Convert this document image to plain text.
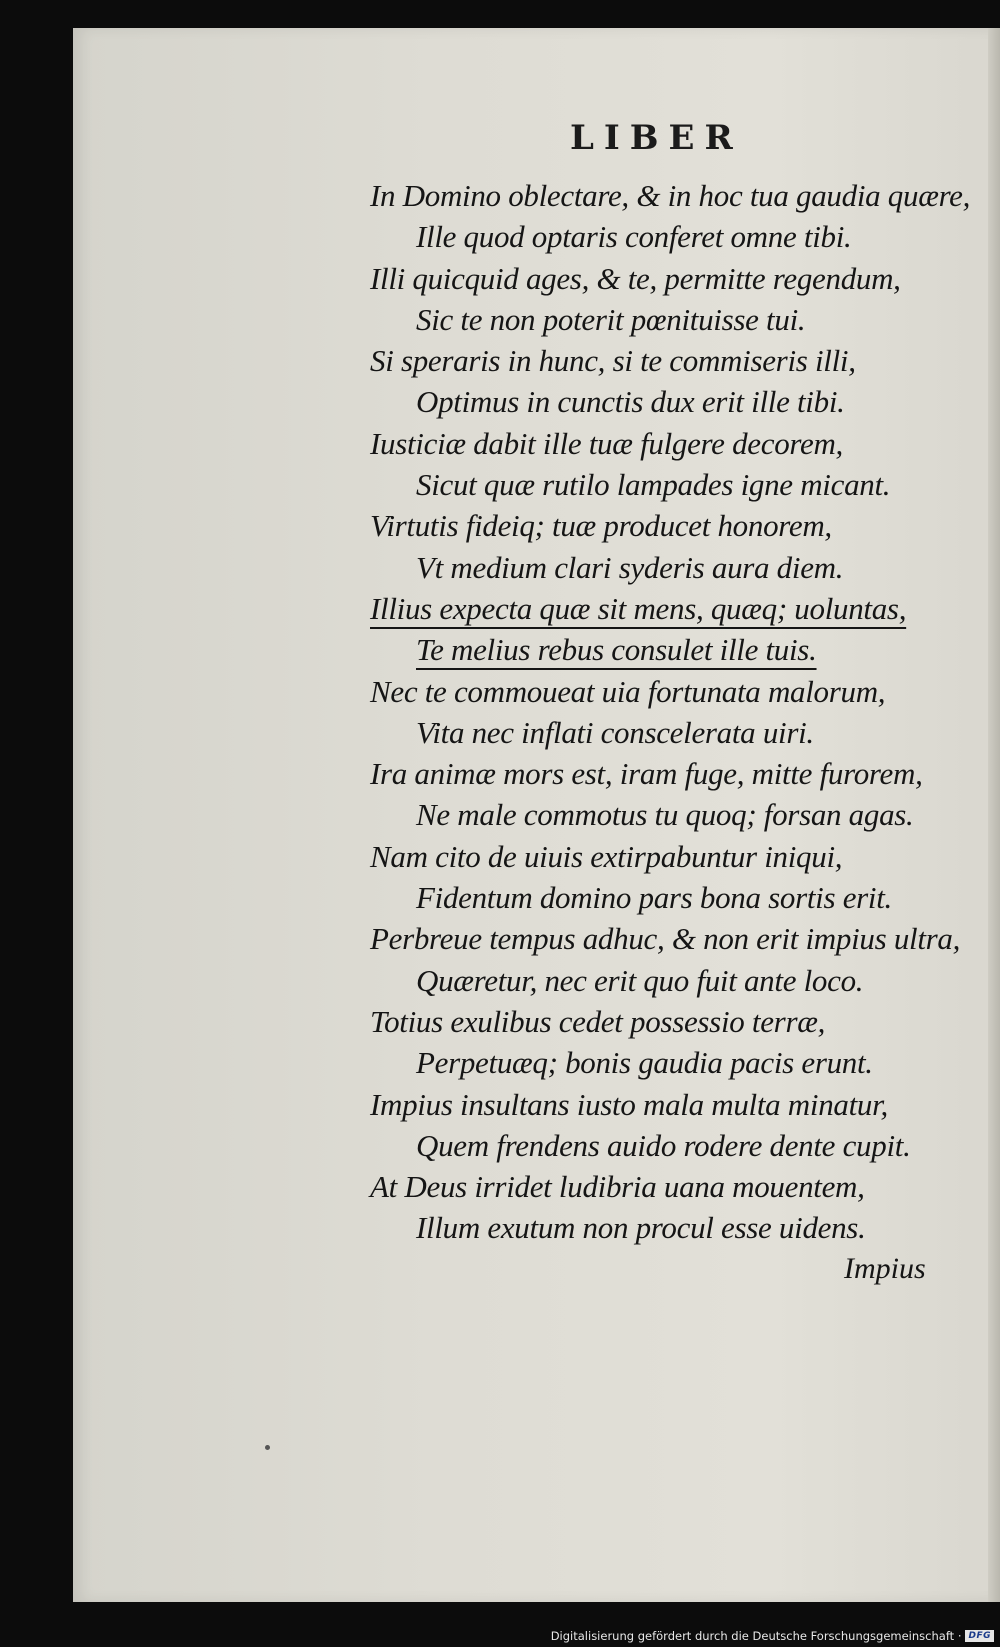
LIBER
In Domino oblectare, & in hoc tua gaudia quære,
Ille quod optaris conferet omne tibi.
Illi quicquid ages, & te, permitte regendum,
Sic te non poterit pœnituisse tui.
Si speraris in hunc, si te commiseris illi,
Optimus in cunctis dux erit ille tibi.
Iusticiæ dabit ille tuæ fulgere decorem,
Sicut quæ rutilo lampades igne micant.
Virtutis fideiq; tuæ producet honorem,
Vt medium clari syderis aura diem.
Illius expecta quæ sit mens, quæq; uoluntas,
Te melius rebus consulet ille tuis.
Nec te commoueat uia fortunata malorum,
Vita nec inflati conscelerata uiri.
Ira animæ mors est, iram fuge, mitte furorem,
Ne male commotus tu quoq; forsan agas.
Nam cito de uiuis extirpabuntur iniqui,
Fidentum domino pars bona sortis erit.
Perbreue tempus adhuc, & non erit impius ultra,
Quæretur, nec erit quo fuit ante loco.
Totius exulibus cedet possessio terræ,
Perpetuæq; bonis gaudia pacis erunt.
Impius insultans iusto mala multa minatur,
Quem frendens auido rodere dente cupit.
At Deus irridet ludibria uana mouentem,
Illum exutum non procul esse uidens.
Impius
Digitalisierung gefördert durch die Deutsche Forschungsgemeinschaft · DFG
